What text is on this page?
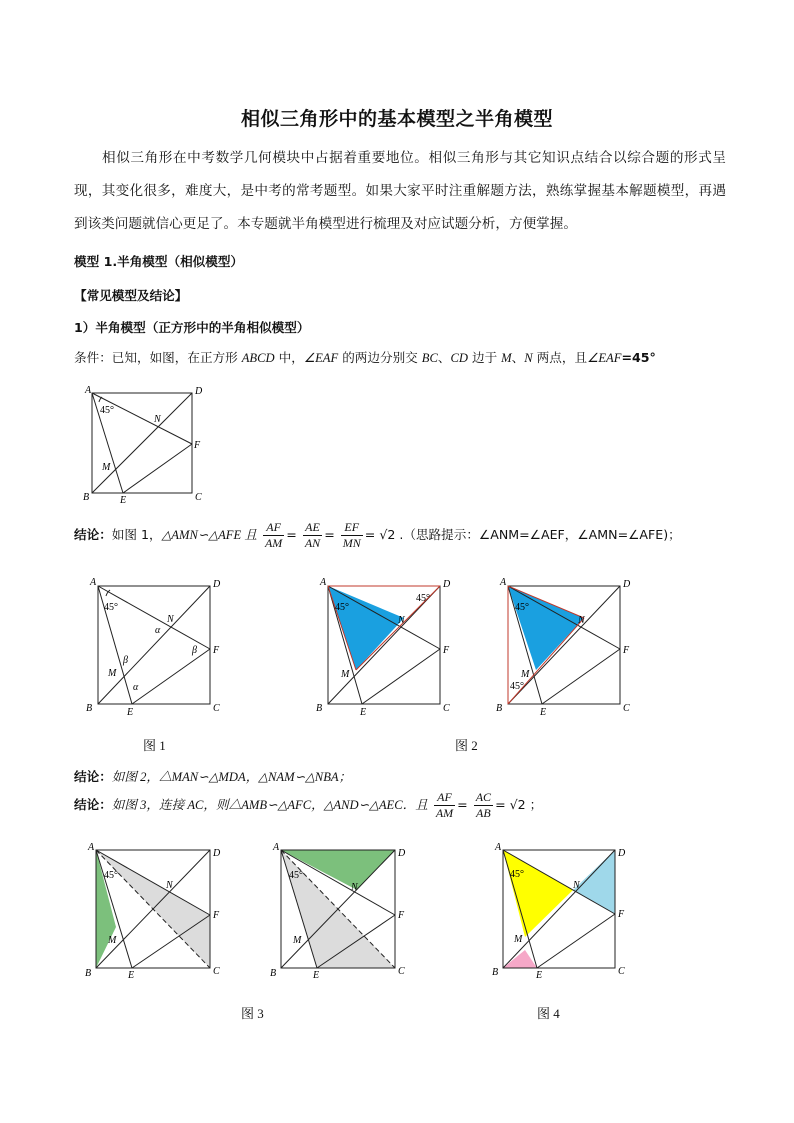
相似三角形中的基本模型之半角模型
相似三角形在中考数学几何模块中占据着重要地位。相似三角形与其它知识点结合以综合题的形式呈现，其变化很多，难度大，是中考的常考题型。如果大家平时注重解题方法，熟练掌握基本解题模型，再遇到该类问题就信心更足了。本专题就半角模型进行梳理及对应试题分析，方便掌握。
模型 1.半角模型（相似模型）
【常见模型及结论】
1）半角模型（正方形中的半角相似模型）
条件：已知，如图，在正方形 ABCD 中，∠EAF 的两边分别交 BC、CD 边于 M、N 两点，且∠EAF=45°
A	D
B	C
E
F
M
N
45°
结论：如图 1，△AMN∽△AFE 且 $\frac{AF}{AM} = \frac{AE}{AN} = \frac{EF}{MN} = √2$ .（思路提示：∠ANM=∠AEF，∠AMN=∠AFE)；
A	D
B	C
E
F
M
N
45°
α
β
β
α
A	D
B	C
E
F
M
N
45°
45°
A	D
B	C
E
F
M
N
45°
45°
图 1	图 2
结论：如图 2，△MAN∽△MDA，△NAM∽△NBA；
结论：如图 3，连接 AC，则△AMB∽△AFC，△AND∽△AEC．且 $\frac{AF}{AM} = \frac{AC}{AB} = √2$ ；
A
D
B	C
E
F
M
N
45°
A
D
B	C
E
F
M
N
45°
A
D
B	C
E
F
M
N
45°
图 3	图 4
